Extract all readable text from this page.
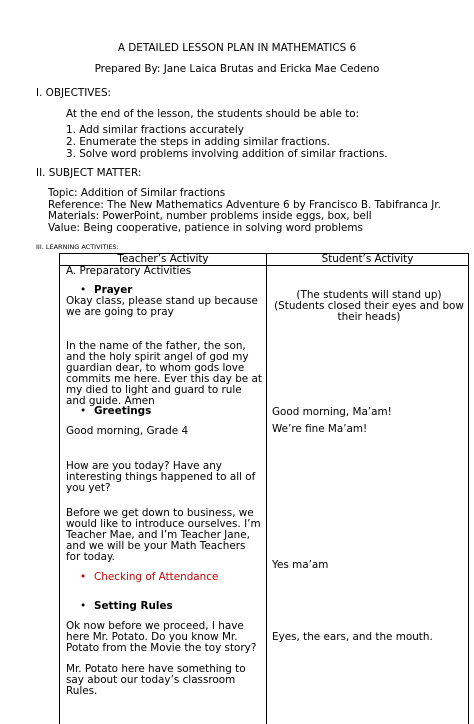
A DETAILED LESSON PLAN IN MATHEMATICS 6
Prepared By: Jane Laica Brutas and Ericka Mae Cedeno
I. OBJECTIVES:
At the end of the lesson, the students should be able to:
1. Add similar fractions accurately
2. Enumerate the steps in adding similar fractions.
3. Solve word problems involving addition of similar fractions.
II. SUBJECT MATTER:
Topic: Addition of Similar fractions
Reference: The New Mathematics Adventure 6 by Francisco B. Tabifranca Jr.
Materials: PowerPoint, number problems inside eggs, box, bell
Value: Being cooperative, patience in solving word problems
III. LEARNING ACTIVITIES:
Teacher’s Activity	Student’s Activity
A. Preparatory Activities
• Prayer
Okay class, please stand up because we are going to pray
In the name of the father, the son, and the holy spirit angel of god my guardian dear, to whom gods love commits me here. Ever this day be at my died to light and guard to rule and guide. Amen
• Greetings
Good morning, Grade 4
How are you today? Have any interesting things happened to all of you yet?
Before we get down to business, we would like to introduce ourselves. I’m Teacher Mae, and I’m Teacher Jane, and we will be your Math Teachers for today.
• Checking of Attendance
• Setting Rules
Ok now before we proceed, I have here Mr. Potato. Do you know Mr. Potato from the Movie the toy story?
Mr. Potato here have something to say about our today’s classroom Rules.
(The students will stand up)
(Students closed their eyes and bow their heads)
Good morning, Ma’am!
We’re fine Ma’am!
Yes ma’am
Eyes, the ears, and the mouth.
